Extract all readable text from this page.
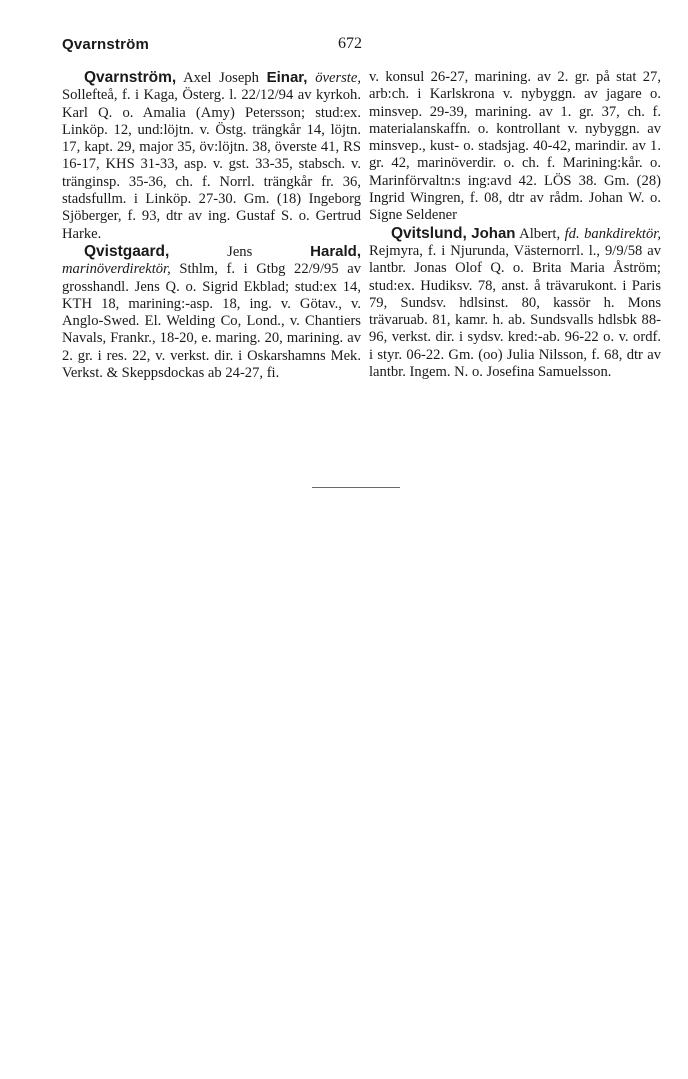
Qvarnström	672

Qvarnström, Axel Joseph Einar, överste, Sollefteå, f. i Kaga, Österg. l. 22/12/94 av kyrkoh. Karl Q. o. Amalia (Amy) Petersson; stud:ex. Linköp. 12, und:löjtn. v. Östg. trängkår 14, löjtn. 17, kapt. 29, major 35, öv:löjtn. 38, överste 41, RS 16-17, KHS 31-33, asp. v. gst. 33-35, stabsch. v. tränginsp. 35-36, ch. f. Norrl. trängkår fr. 36, stadsfullm. i Linköp. 27-30. Gm. (18) Ingeborg Sjöberger, f. 93, dtr av ing. Gustaf S. o. Gertrud Harke.

Qvistgaard, Jens Harald, marinöverdirektör, Sthlm, f. i Gtbg 22/9/95 av grosshandl. Jens Q. o. Sigrid Ekblad; stud:ex 14, KTH 18, marining:-asp. 18, ing. v. Götav., v. Anglo-Swed. El. Welding Co, Lond., v. Chantiers Navals, Frankr., 18-20, e. maring. 20, marining. av 2. gr. i res. 22, v. verkst. dir. i Oskarshamns Mek. Verkst. & Skeppsdockas ab 24-27, fi.

v. konsul 26-27, marining. av 2. gr. på stat 27, arb:ch. i Karlskrona v. nybyggn. av jagare o. minsvep. 29-39, marining. av 1. gr. 37, ch. f. materialanskaffn. o. kontrollant v. nybyggn. av minsvep., kust- o. stadsjag. 40-42, marindir. av 1. gr. 42, marinöverdir. o. ch. f. Marining:kår. o. Marinförvaltn:s ing:avd 42. LÖS 38. Gm. (28) Ingrid Wingren, f. 08, dtr av rådm. Johan W. o. Signe Seldener

Qvitslund, Johan Albert, fd. bankdirektör, Rejmyra, f. i Njurunda, Västernorrl. l., 9/9/58 av lantbr. Jonas Olof Q. o. Brita Maria Åström; stud:ex. Hudiksv. 78, anst. å trävarukont. i Paris 79, Sundsv. hdlsinst. 80, kassör h. Mons trävaruab. 81, kamr. h. ab. Sundsvalls hdlsbk 88-96, verkst. dir. i sydsv. kred:-ab. 96-22 o. v. ordf. i styr. 06-22. Gm. (oo) Julia Nilsson, f. 68, dtr av lantbr. Ingem. N. o. Josefina Samuelsson.
